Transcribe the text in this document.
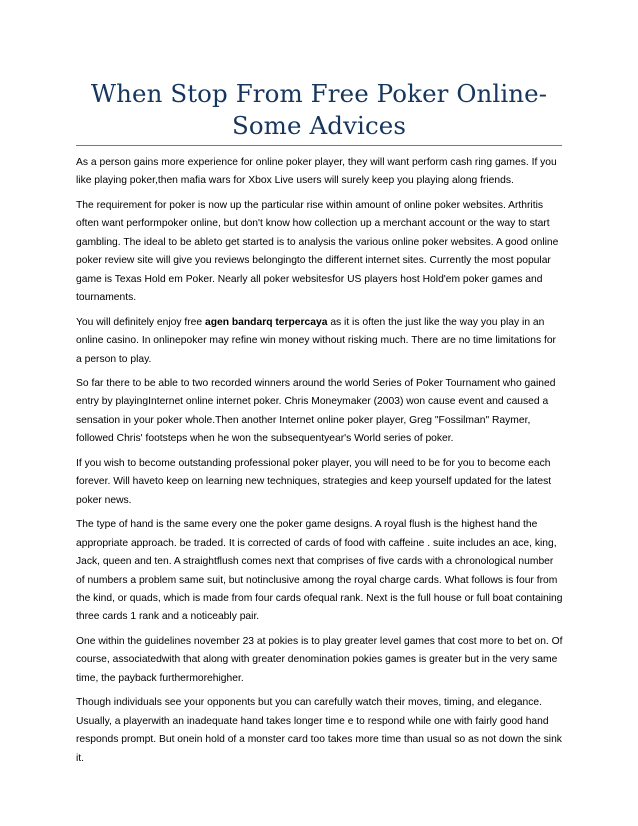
When Stop From Free Poker Online-
Some Advices

As a person gains more experience for online poker player, they will want perform cash ring games. If you like playing poker,then mafia wars for Xbox Live users will surely keep you playing along friends.

The requirement for poker is now up the particular rise within amount of online poker websites. Arthritis often want performpoker online, but don't know how collection up a merchant account or the way to start gambling. The ideal to be ableto get started is to analysis the various online poker websites. A good online poker review site will give you reviews belongingto the different internet sites. Currently the most popular game is Texas Hold em Poker. Nearly all poker websitesfor US players host Hold'em poker games and tournaments.

You will definitely enjoy free agen bandarq terpercaya as it is often the just like the way you play in an online casino. In onlinepoker may refine win money without risking much. There are no time limitations for a person to play.

So far there to be able to two recorded winners around the world Series of Poker Tournament who gained entry by playingInternet online internet poker. Chris Moneymaker (2003) won cause event and caused a sensation in your poker whole.Then another Internet online poker player, Greg "Fossilman" Raymer, followed Chris' footsteps when he won the subsequentyear's World series of poker.

If you wish to become outstanding professional poker player, you will need to be for you to become each forever. Will haveto keep on learning new techniques, strategies and keep yourself updated for the latest poker news.

The type of hand is the same every one the poker game designs. A royal flush is the highest hand the appropriate approach. be traded. It is corrected of cards of food with caffeine . suite includes an ace, king, Jack, queen and ten. A straightflush comes next that comprises of five cards with a chronological number of numbers a problem same suit, but notinclusive among the royal charge cards. What follows is four from the kind, or quads, which is made from four cards ofequal rank. Next is the full house or full boat containing three cards 1 rank and a noticeably pair.

One within the guidelines november 23 at pokies is to play greater level games that cost more to bet on. Of course, associatedwith that along with greater denomination pokies games is greater but in the very same time, the payback furthermorehigher.

Though individuals see your opponents but you can carefully watch their moves, timing, and elegance. Usually, a playerwith an inadequate hand takes longer time e to respond while one with fairly good hand responds prompt. But onein hold of a monster card too takes more time than usual so as not down the sink it.
